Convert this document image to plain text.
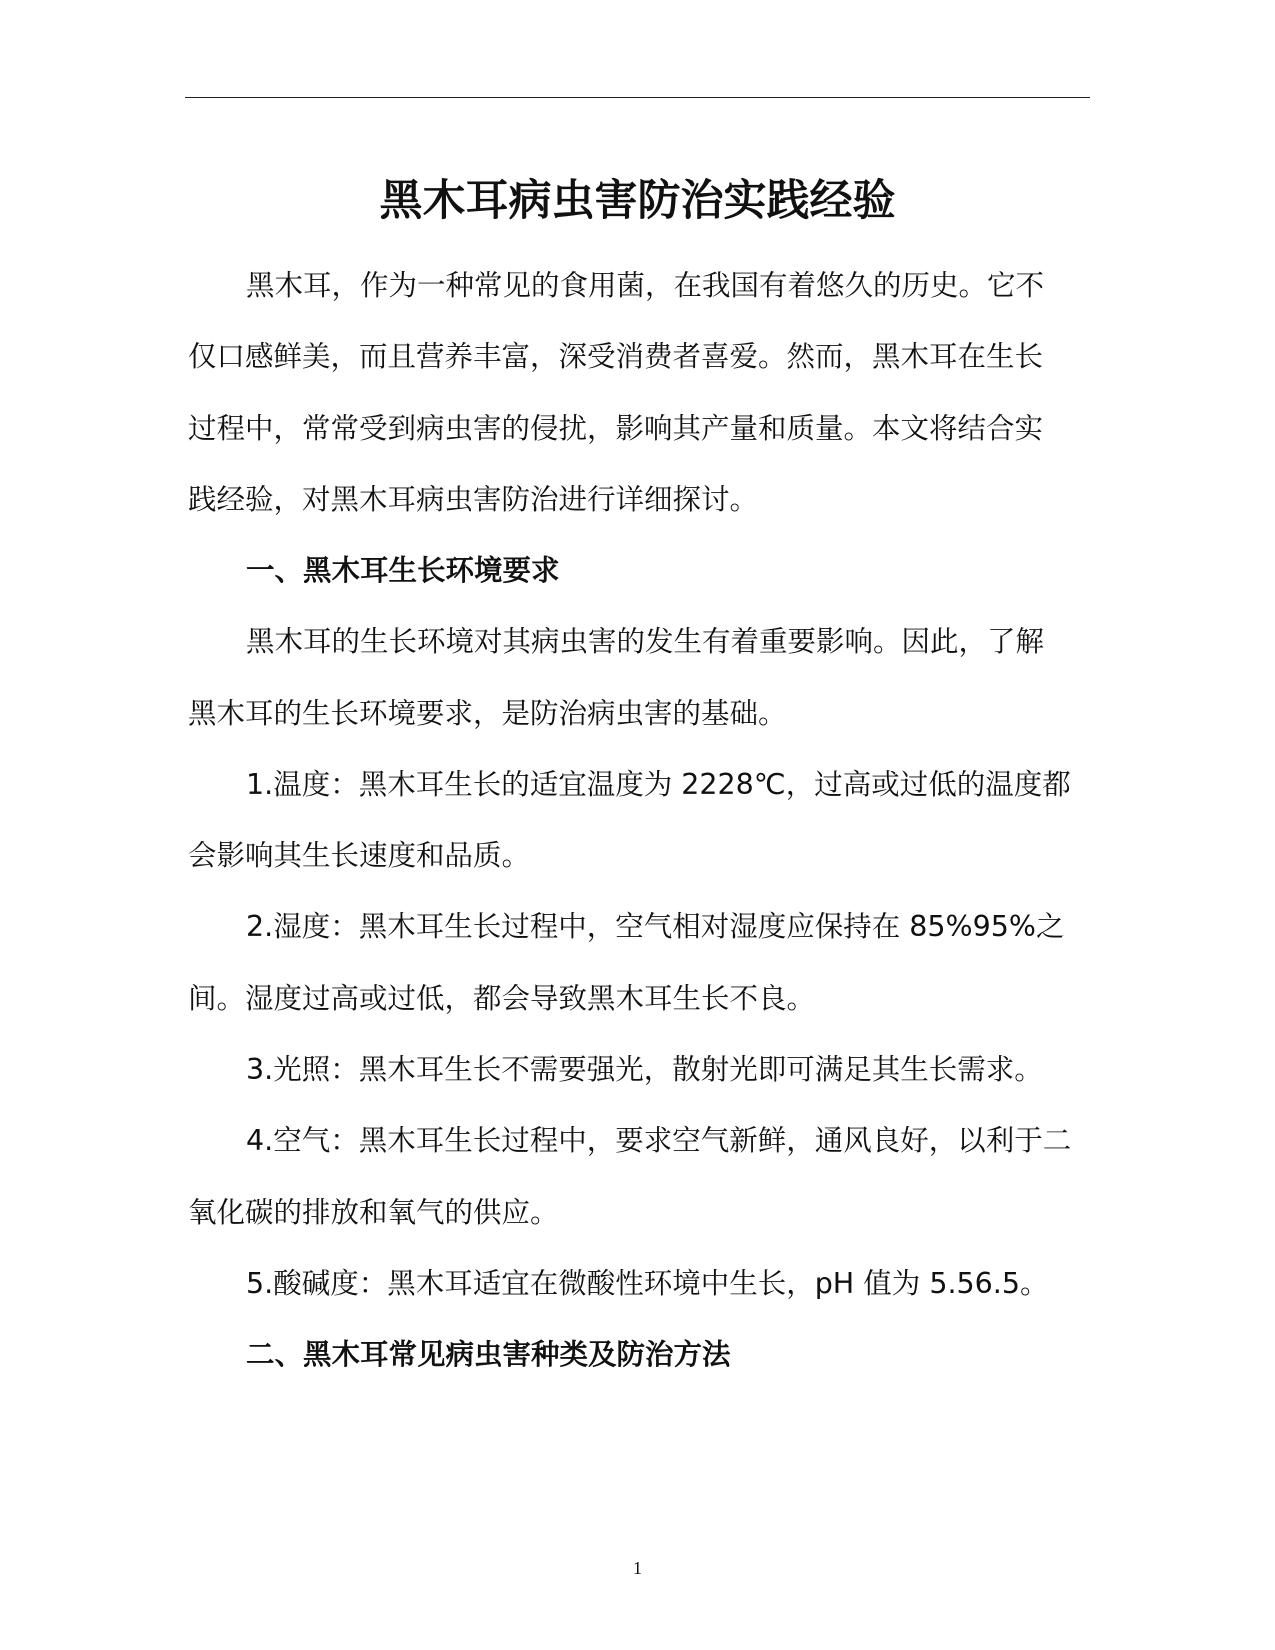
黑木耳病虫害防治实践经验

黑木耳，作为一种常见的食用菌，在我国有着悠久的历史。它不

仅口感鲜美，而且营养丰富，深受消费者喜爱。然而，黑木耳在生长

过程中，常常受到病虫害的侵扰，影响其产量和质量。本文将结合实

践经验，对黑木耳病虫害防治进行详细探讨。

一、黑木耳生长环境要求

黑木耳的生长环境对其病虫害的发生有着重要影响。因此，了解

黑木耳的生长环境要求，是防治病虫害的基础。

1.温度：黑木耳生长的适宜温度为 2228℃，过高或过低的温度都

会影响其生长速度和品质。

2.湿度：黑木耳生长过程中，空气相对湿度应保持在 85%95%之

间。湿度过高或过低，都会导致黑木耳生长不良。

3.光照：黑木耳生长不需要强光，散射光即可满足其生长需求。

4.空气：黑木耳生长过程中，要求空气新鲜，通风良好，以利于二

氧化碳的排放和氧气的供应。

5.酸碱度：黑木耳适宜在微酸性环境中生长，pH 值为 5.56.5。

二、黑木耳常见病虫害种类及防治方法

1
